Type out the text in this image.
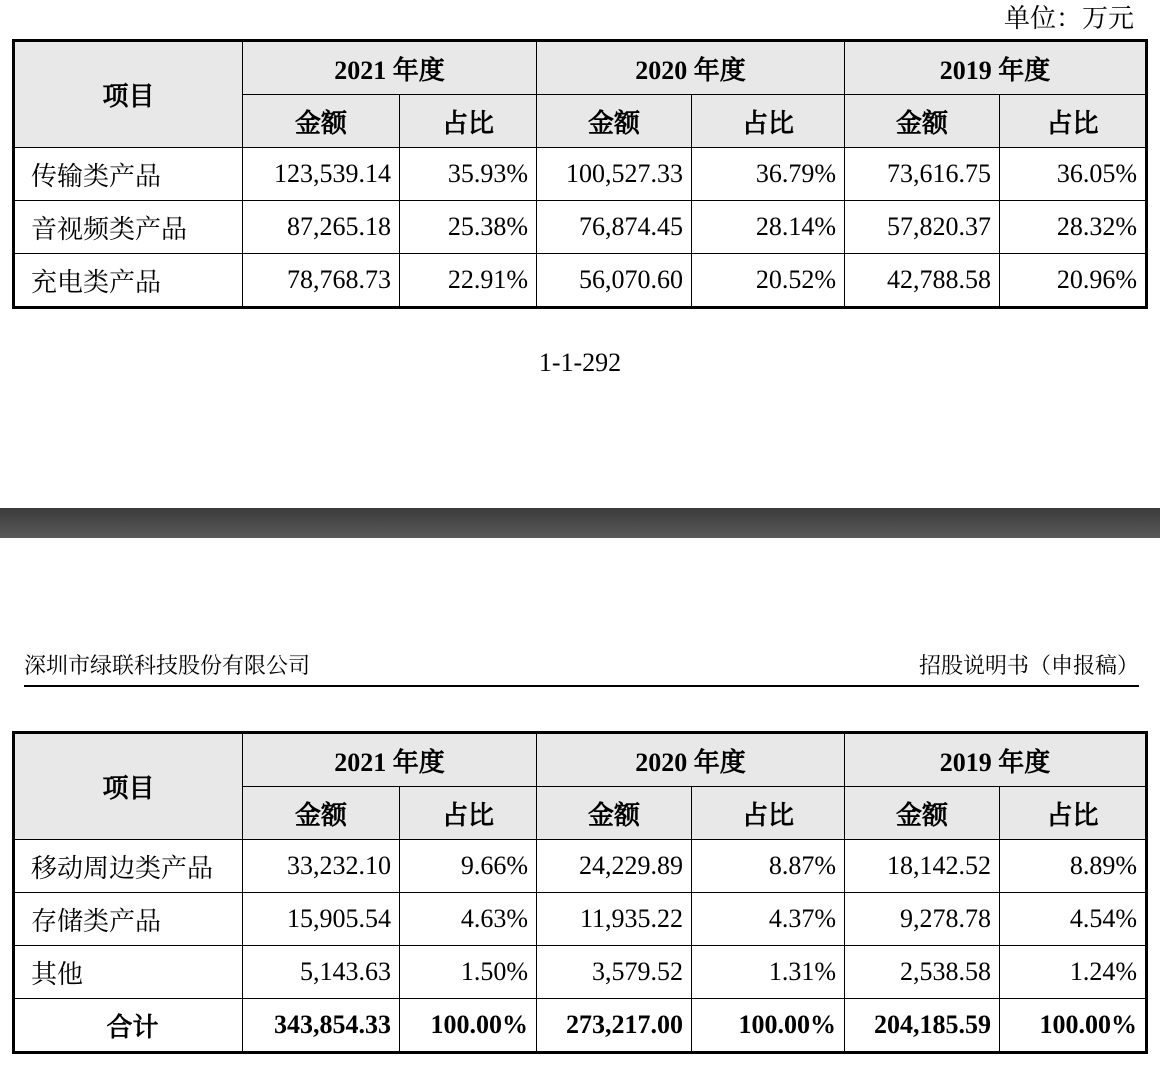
单位：万元
项目	2021 年度		2020 年度		2019 年度	
	金额	占比	金额	占比	金额	占比
传输类产品	123,539.14	35.93%	100,527.33	36.79%	73,616.75	36.05%
音视频类产品	87,265.18	25.38%	76,874.45	28.14%	57,820.37	28.32%
充电类产品	78,768.73	22.91%	56,070.60	20.52%	42,788.58	20.96%
1-1-292
深圳市绿联科技股份有限公司	招股说明书（申报稿）
项目	2021 年度		2020 年度		2019 年度	
	金额	占比	金额	占比	金额	占比
移动周边类产品	33,232.10	9.66%	24,229.89	8.87%	18,142.52	8.89%
存储类产品	15,905.54	4.63%	11,935.22	4.37%	9,278.78	4.54%
其他	5,143.63	1.50%	3,579.52	1.31%	2,538.58	1.24%
合计	343,854.33	100.00%	273,217.00	100.00%	204,185.59	100.00%
